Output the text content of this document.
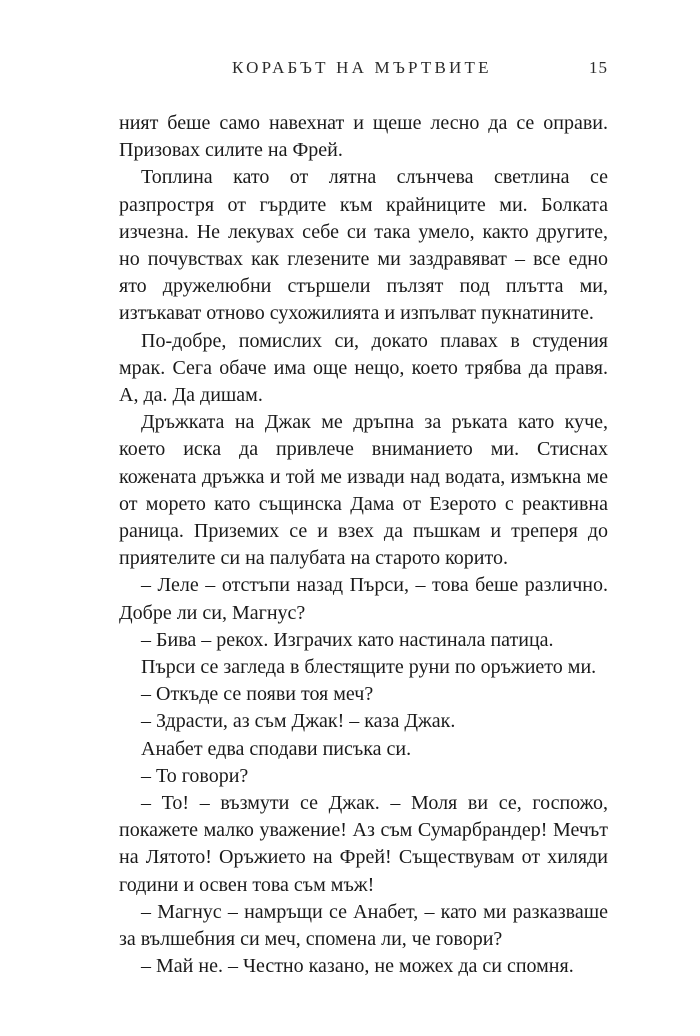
КОРАБЪТ НА МЪРТВИТЕ	15

ният беше само навехнат и щеше лесно да се оправи. Призовах силите на Фрей.

Топлина като от лятна слънчева светлина се разпростря от гърдите към крайниците ми. Болката изчезна. Не лекувах себе си така умело, както другите, но почувствах как глезените ми заздравяват – все едно ято дружелюбни стършели пълзят под плътта ми, изтъкават отново сухожилията и изпълват пукнатините.

По-добре, помислих си, докато плавах в студения мрак. Сега обаче има още нещо, което трябва да правя. А, да. Да дишам.

Дръжката на Джак ме дръпна за ръката като куче, което иска да привлече вниманието ми. Стиснах кожената дръжка и той ме извади над водата, измъкна ме от морето като същинска Дама от Езерото с реактивна раница. Приземих се и взех да пъшкам и треперя до приятелите си на палубата на старото корито.

– Леле – отстъпи назад Пърси, – това беше различно. Добре ли си, Магнус?

– Бива – рекох. Изграчих като настинала патица.

Пърси се загледа в блестящите руни по оръжието ми.

– Откъде се появи тоя меч?

– Здрасти, аз съм Джак! – каза Джак.

Анабет едва сподави писъка си.

– То говори?

– То! – възмути се Джак. – Моля ви се, госпожо, покажете малко уважение! Аз съм Сумарбрандер! Мечът на Лятото! Оръжието на Фрей! Съществувам от хиляди години и освен това съм мъж!

– Магнус – намръщи се Анабет, – като ми разказваше за вълшебния си меч, спомена ли, че говори?

– Май не. – Честно казано, не можех да си спомня.
